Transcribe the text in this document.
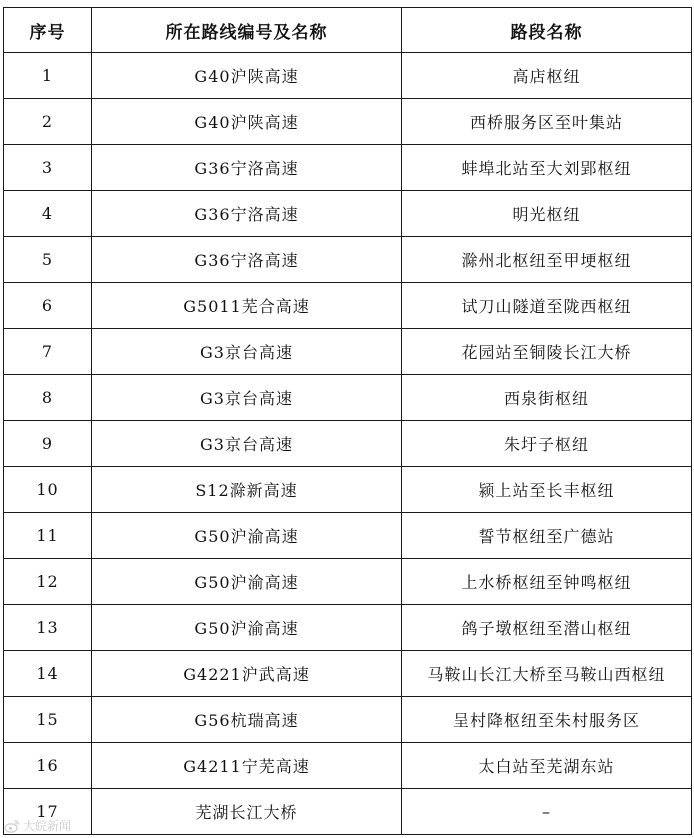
序号	所在路线编号及名称	路段名称
1	G40沪陕高速	高店枢纽
2	G40沪陕高速	西桥服务区至叶集站
3	G36宁洛高速	蚌埠北站至大刘郢枢纽
4	G36宁洛高速	明光枢纽
5	G36宁洛高速	滁州北枢纽至甲埂枢纽
6	G5011芜合高速	试刀山隧道至陇西枢纽
7	G3京台高速	花园站至铜陵长江大桥
8	G3京台高速	西泉街枢纽
9	G3京台高速	朱圩子枢纽
10	S12滁新高速	颍上站至长丰枢纽
11	G50沪渝高速	誓节枢纽至广德站
12	G50沪渝高速	上水桥枢纽至钟鸣枢纽
13	G50沪渝高速	鸽子墩枢纽至潜山枢纽
14	G4221沪武高速	马鞍山长江大桥至马鞍山西枢纽
15	G56杭瑞高速	呈村降枢纽至朱村服务区
16	G4211宁芜高速	太白站至芜湖东站
17	芜湖长江大桥	–
大皖新闻
